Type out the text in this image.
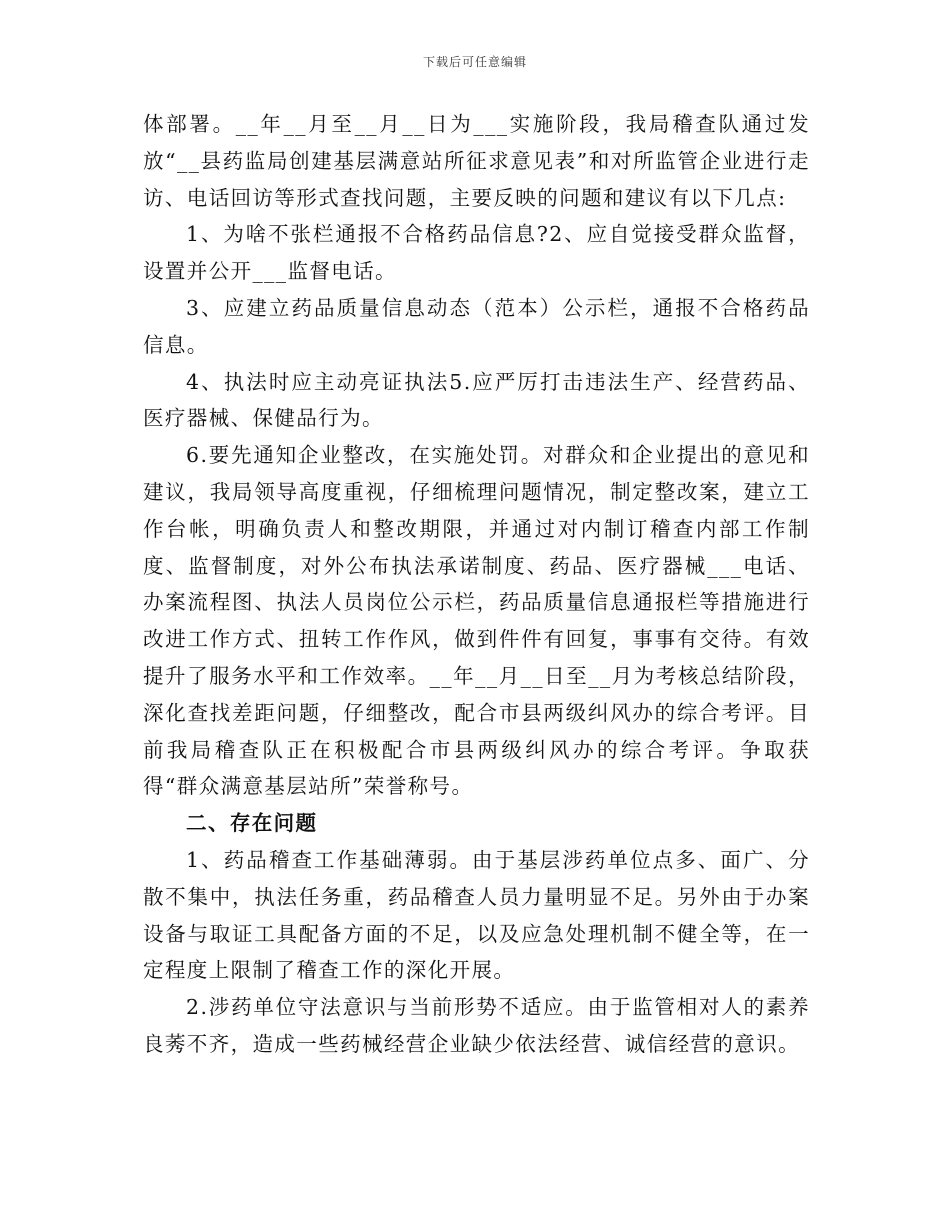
下载后可任意编辑

体部署。__年__月至__月__日为___实施阶段，我局稽查队通过发放“__县药监局创建基层满意站所征求意见表”和对所监管企业进行走访、电话回访等形式查找问题，主要反映的问题和建议有以下几点:

1、为啥不张栏通报不合格药品信息?2、应自觉接受群众监督，设置并公开___监督电话。

3、应建立药品质量信息动态（范本）公示栏，通报不合格药品信息。

4、执法时应主动亮证执法5.应严厉打击违法生产、经营药品、医疗器械、保健品行为。

6.要先通知企业整改，在实施处罚。对群众和企业提出的意见和建议，我局领导高度重视，仔细梳理问题情况，制定整改案，建立工作台帐，明确负责人和整改期限，并通过对内制订稽查内部工作制度、监督制度，对外公布执法承诺制度、药品、医疗器械___电话、办案流程图、执法人员岗位公示栏，药品质量信息通报栏等措施进行改进工作方式、扭转工作作风，做到件件有回复，事事有交待。有效提升了服务水平和工作效率。__年__月__日至__月为考核总结阶段，深化查找差距问题，仔细整改，配合市县两级纠风办的综合考评。目前我局稽查队正在积极配合市县两级纠风办的综合考评。争取获得“群众满意基层站所”荣誉称号。

二、存在问题

1、药品稽查工作基础薄弱。由于基层涉药单位点多、面广、分散不集中，执法任务重，药品稽查人员力量明显不足。另外由于办案设备与取证工具配备方面的不足，以及应急处理机制不健全等，在一定程度上限制了稽查工作的深化开展。

2.涉药单位守法意识与当前形势不适应。由于监管相对人的素养良莠不齐，造成一些药械经营企业缺少依法经营、诚信经营的意识。
